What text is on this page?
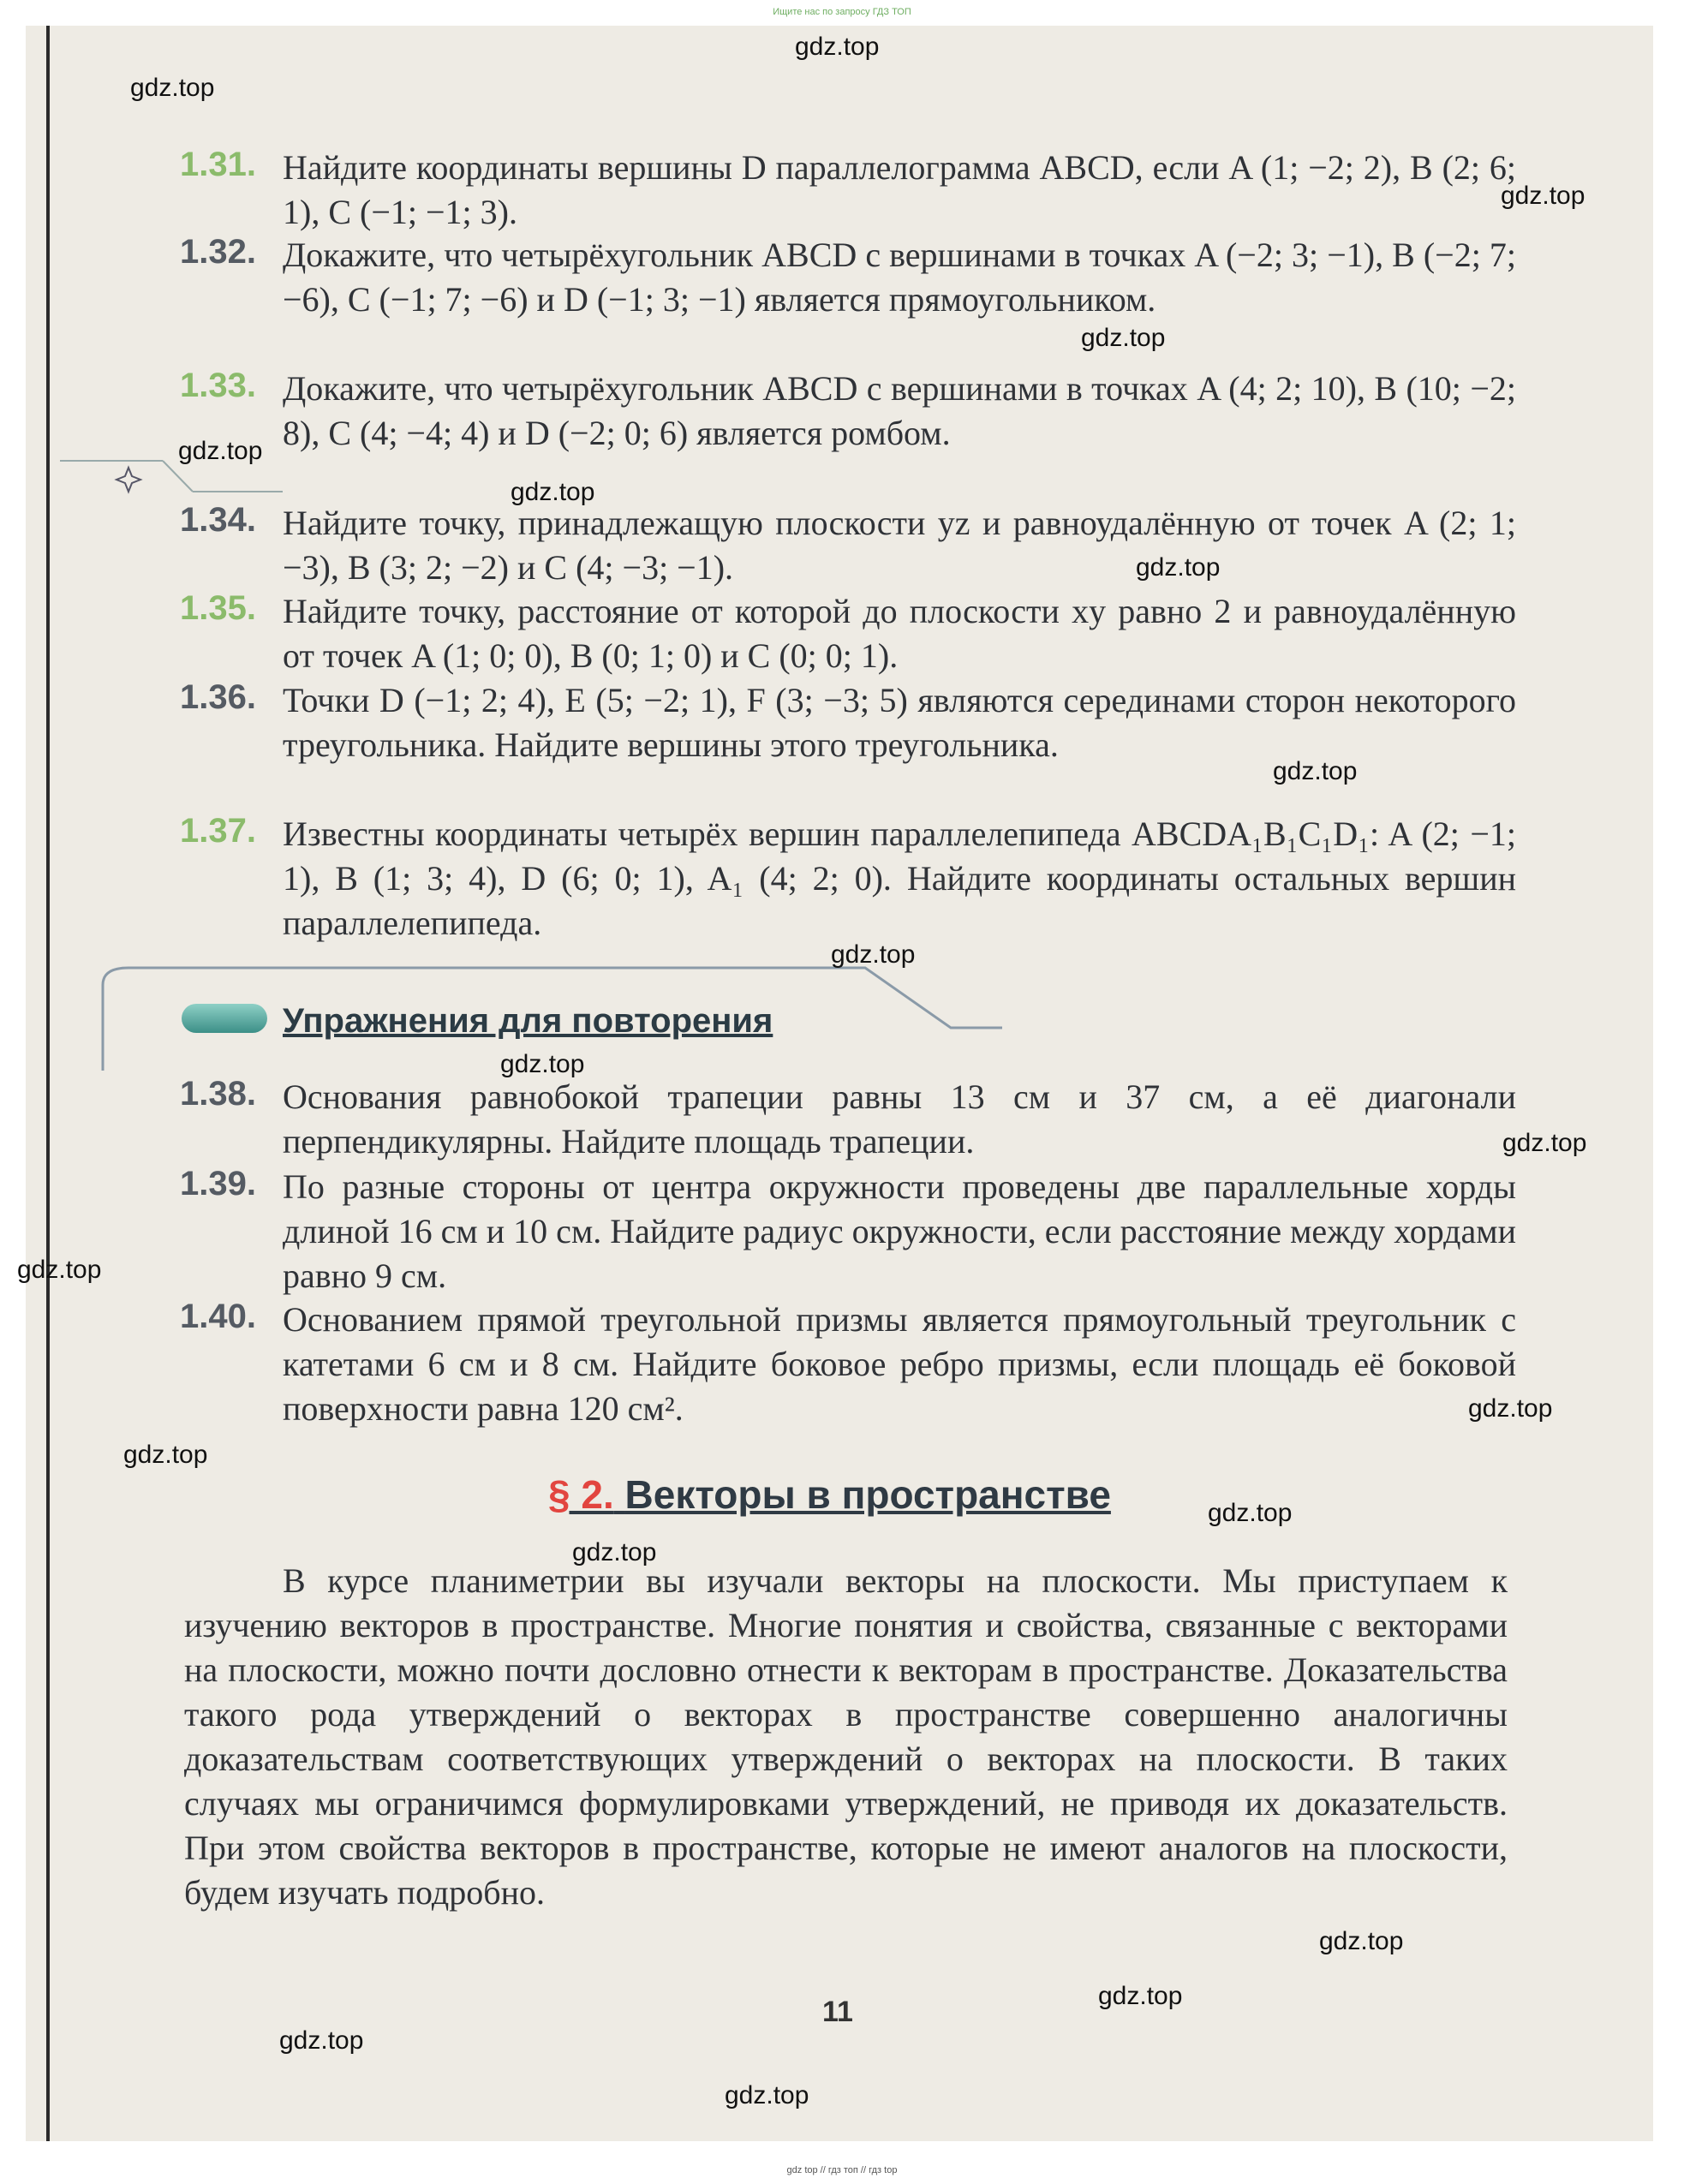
Ищите нас по запросу ГДЗ ТОП
1.31. Найдите координаты вершины D параллелограмма ABCD, если A (1; −2; 2), B (2; 6; 1), C (−1; −1; 3).
1.32. Докажите, что четырёхугольник ABCD с вершинами в точках A (−2; 3; −1), B (−2; 7; −6), C (−1; 7; −6) и D (−1; 3; −1) является прямоугольником.
1.33. Докажите, что четырёхугольник ABCD с вершинами в точках A (4; 2; 10), B (10; −2; 8), C (4; −4; 4) и D (−2; 0; 6) является ромбом.
1.34. Найдите точку, принадлежащую плоскости yz и равноудалённую от точек A (2; 1; −3), B (3; 2; −2) и C (4; −3; −1).
1.35. Найдите точку, расстояние от которой до плоскости xy равно 2 и равноудалённую от точек A (1; 0; 0), B (0; 1; 0) и C (0; 0; 1).
1.36. Точки D (−1; 2; 4), E (5; −2; 1), F (3; −3; 5) являются серединами сторон некоторого треугольника. Найдите вершины этого треугольника.
1.37. Известны координаты четырёх вершин параллелепипеда ABCDA₁B₁C₁D₁: A (2; −1; 1), B (1; 3; 4), D (6; 0; 1), A₁ (4; 2; 0). Найдите координаты остальных вершин параллелепипеда.
Упражнения для повторения
1.38. Основания равнобокой трапеции равны 13 см и 37 см, а её диагонали перпендикулярны. Найдите площадь трапеции.
1.39. По разные стороны от центра окружности проведены две параллельные хорды длиной 16 см и 10 см. Найдите радиус окружности, если расстояние между хордами равно 9 см.
1.40. Основанием прямой треугольной призмы является прямоугольный треугольник с катетами 6 см и 8 см. Найдите боковое ребро призмы, если площадь её боковой поверхности равна 120 см².
§ 2. Векторы в пространстве
В курсе планиметрии вы изучали векторы на плоскости. Мы приступаем к изучению векторов в пространстве. Многие понятия и свойства, связанные с векторами на плоскости, можно почти дословно отнести к векторам в пространстве. Доказательства такого рода утверждений о векторах в пространстве совершенно аналогичны доказательствам соответствующих утверждений о векторах на плоскости. В таких случаях мы ограничимся формулировками утверждений, не приводя их доказательств. При этом свойства векторов в пространстве, которые не имеют аналогов на плоскости, будем изучать подробно.
11
gdz.top
gdz.top
gdz.top
gdz.top
gdz.top
gdz.top
gdz.top
gdz.top
gdz.top
gdz.top
gdz.top
gdz.top
gdz.top
gdz.top
gdz.top
gdz.top
gdz.top
gdz.top
gdz.top
gdz.top
gdz top // гдз топ // гдз top
